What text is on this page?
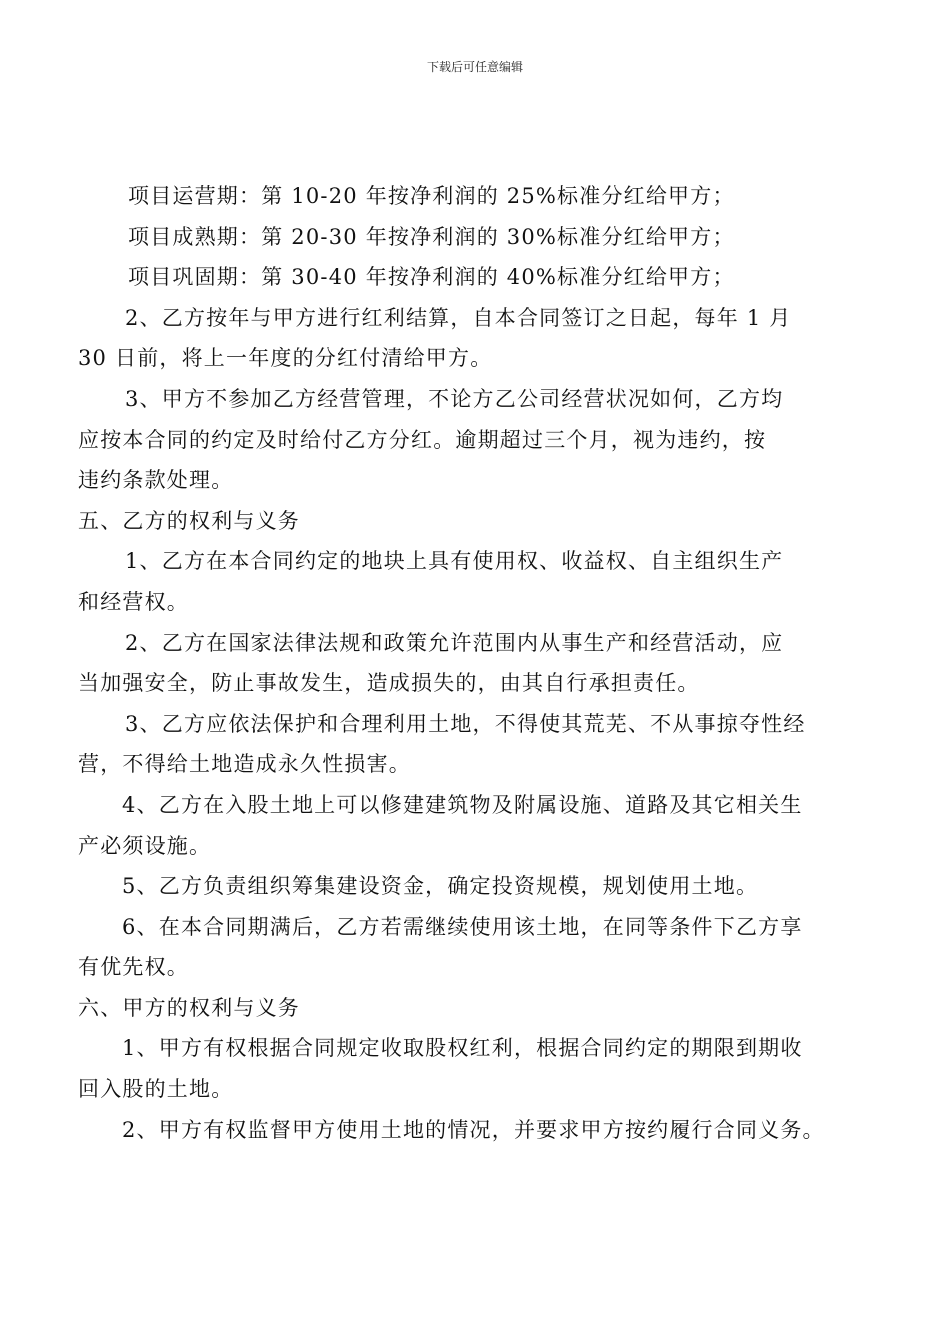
下载后可任意编辑
项目运营期：第 10-20 年按净利润的 25%标准分红给甲方；
项目成熟期：第 20-30 年按净利润的 30%标准分红给甲方；
项目巩固期：第 30-40 年按净利润的 40%标准分红给甲方；
2、乙方按年与甲方进行红利结算，自本合同签订之日起，每年 1 月
30 日前，将上一年度的分红付清给甲方。
3、甲方不参加乙方经营管理，不论方乙公司经营状况如何，乙方均
应按本合同的约定及时给付乙方分红。逾期超过三个月，视为违约，按
违约条款处理。
五、乙方的权利与义务
1、乙方在本合同约定的地块上具有使用权、收益权、自主组织生产
和经营权。
2、乙方在国家法律法规和政策允许范围内从事生产和经营活动，应
当加强安全，防止事故发生，造成损失的，由其自行承担责任。
3、乙方应依法保护和合理利用土地，不得使其荒芜、不从事掠夺性经
营，不得给土地造成永久性损害。
4、乙方在入股土地上可以修建建筑物及附属设施、道路及其它相关生
产必须设施。
5、乙方负责组织筹集建设资金，确定投资规模，规划使用土地。
6、在本合同期满后，乙方若需继续使用该土地，在同等条件下乙方享
有优先权。
六、甲方的权利与义务
1、甲方有权根据合同规定收取股权红利，根据合同约定的期限到期收
回入股的土地。
2、甲方有权监督甲方使用土地的情况，并要求甲方按约履行合同义务。
